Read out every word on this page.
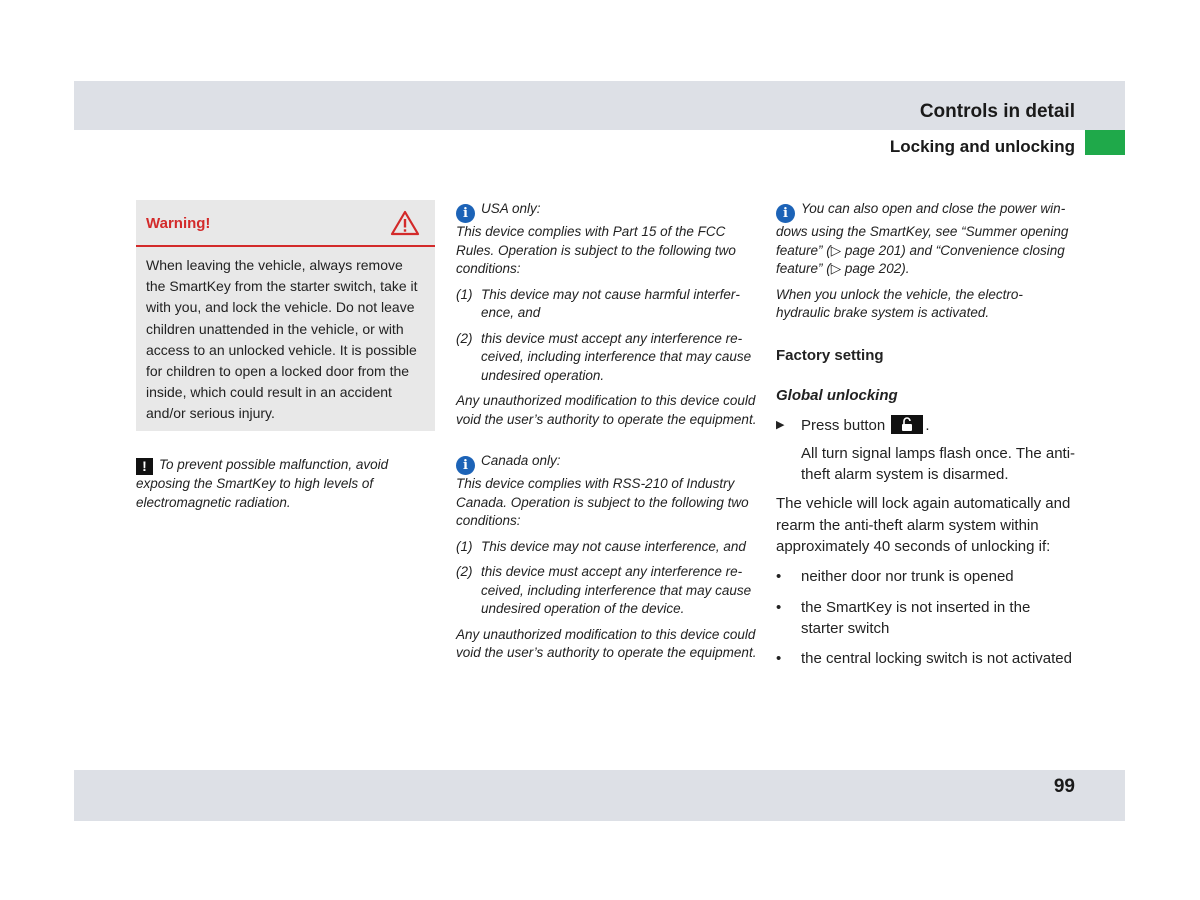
Controls in detail
Locking and unlocking
Warning!
When leaving the vehicle, always remove the SmartKey from the starter switch, take it with you, and lock the vehicle. Do not leave children unattended in the vehicle, or with access to an unlocked vehicle. It is possible for children to open a locked door from the inside, which could result in an accident and/or serious injury.
! To prevent possible malfunction, avoid exposing the SmartKey to high levels of electromagnetic radiation.
i USA only:
This device complies with Part 15 of the FCC Rules. Operation is subject to the following two conditions:
(1) This device may not cause harmful interference, and
(2) this device must accept any interference received, including interference that may cause undesired operation.
Any unauthorized modification to this device could void the user’s authority to operate the equipment.
i Canada only:
This device complies with RSS-210 of Industry Canada. Operation is subject to the following two conditions:
(1) This device may not cause interference, and
(2) this device must accept any interference received, including interference that may cause undesired operation of the device.
Any unauthorized modification to this device could void the user’s authority to operate the equipment.
i You can also open and close the power windows using the SmartKey, see “Summer opening feature” (▷ page 201) and “Convenience closing feature” (▷ page 202).
When you unlock the vehicle, the electro-hydraulic brake system is activated.
Factory setting
Global unlocking
▶	Press button	.
All turn signal lamps flash once. The anti-theft alarm system is disarmed.
The vehicle will lock again automatically and rearm the anti-theft alarm system within approximately 40 seconds of unlocking if:
•	neither door nor trunk is opened
•	the SmartKey is not inserted in the starter switch
•	the central locking switch is not activated
99
